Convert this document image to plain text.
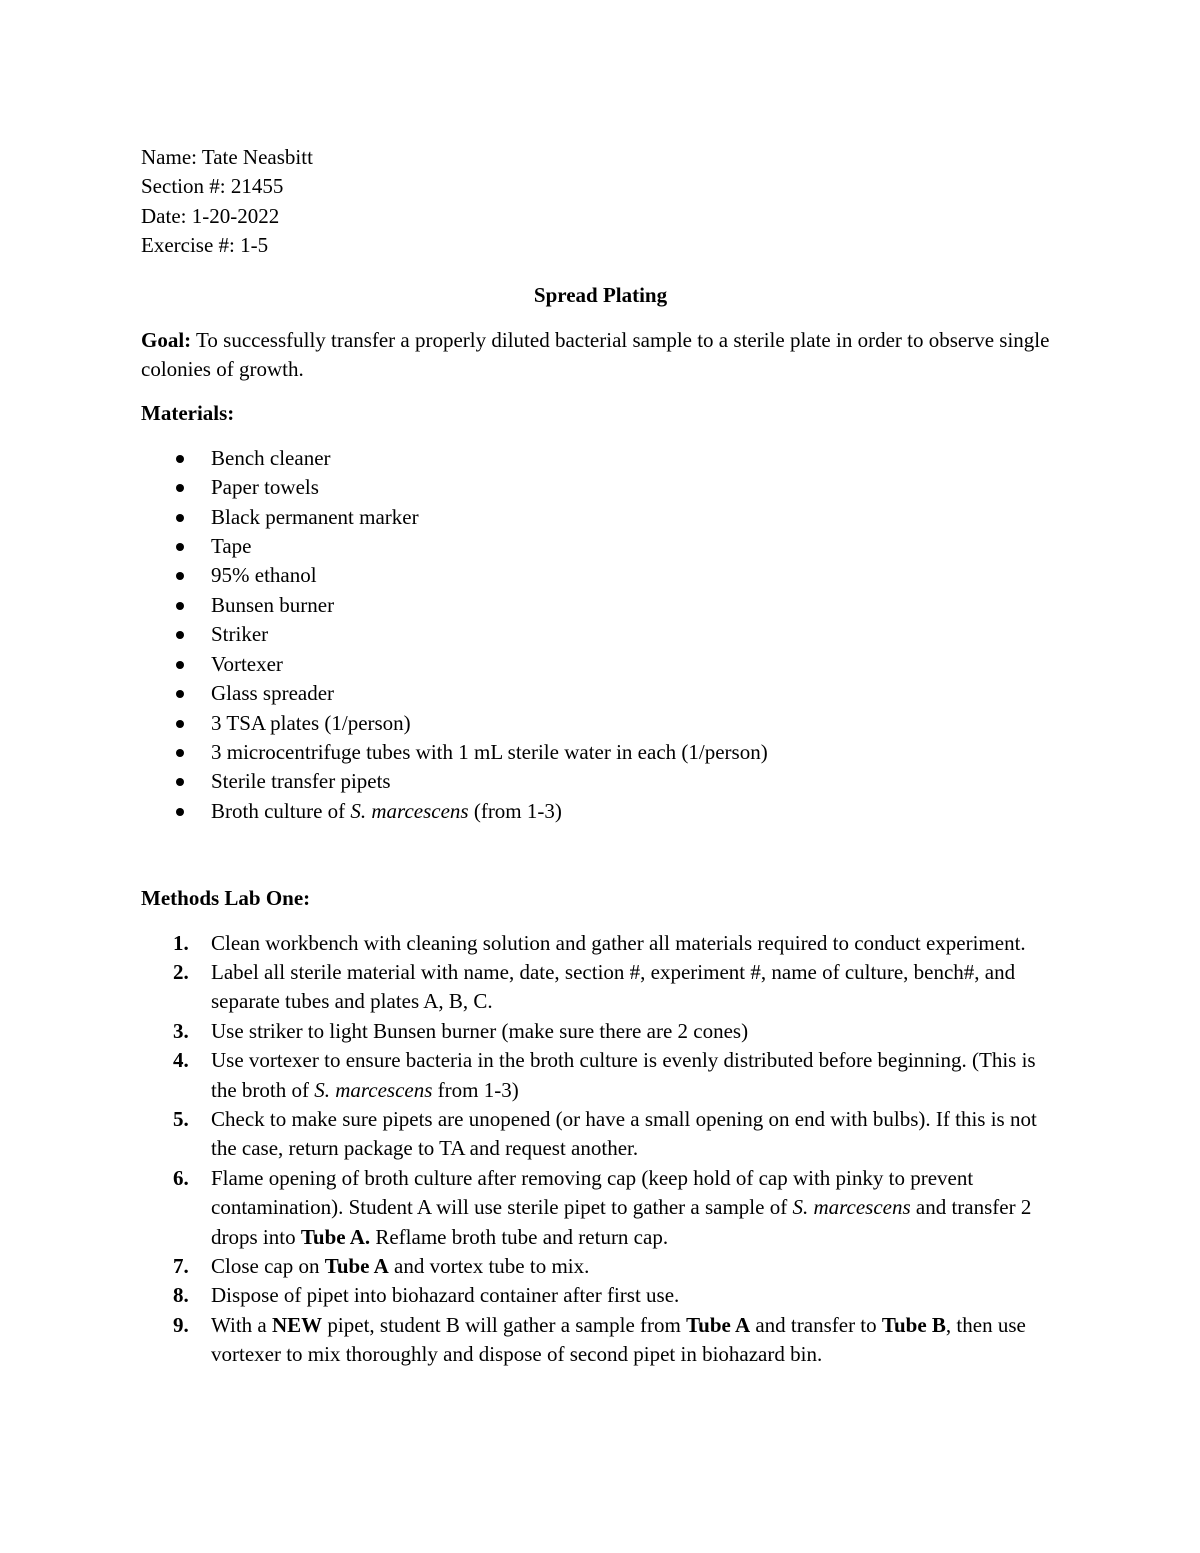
Name: Tate Neasbitt

Section #: 21455

Date: 1-20-2022

Exercise #: 1-5

Spread Plating

Goal: To successfully transfer a properly diluted bacterial sample to a sterile plate in order to observe single colonies of growth.

Materials:

Bench cleaner
Paper towels
Black permanent marker
Tape
95% ethanol
Bunsen burner
Striker
Vortexer
Glass spreader
3 TSA plates (1/person)
3 microcentrifuge tubes with 1 mL sterile water in each (1/person)
Sterile transfer pipets
Broth culture of S. marcescens (from 1-3)

Methods Lab One:

1. Clean workbench with cleaning solution and gather all materials required to conduct experiment.
2. Label all sterile material with name, date, section #, experiment #, name of culture, bench#, and separate tubes and plates A, B, C.
3. Use striker to light Bunsen burner (make sure there are 2 cones)
4. Use vortexer to ensure bacteria in the broth culture is evenly distributed before beginning. (This is the broth of S. marcescens from 1-3)
5. Check to make sure pipets are unopened (or have a small opening on end with bulbs). If this is not the case, return package to TA and request another.
6. Flame opening of broth culture after removing cap (keep hold of cap with pinky to prevent contamination). Student A will use sterile pipet to gather a sample of S. marcescens and transfer 2 drops into Tube A. Reflame broth tube and return cap.
7. Close cap on Tube A and vortex tube to mix.
8. Dispose of pipet into biohazard container after first use.
9. With a NEW pipet, student B will gather a sample from Tube A and transfer to Tube B, then use vortexer to mix thoroughly and dispose of second pipet in biohazard bin.
